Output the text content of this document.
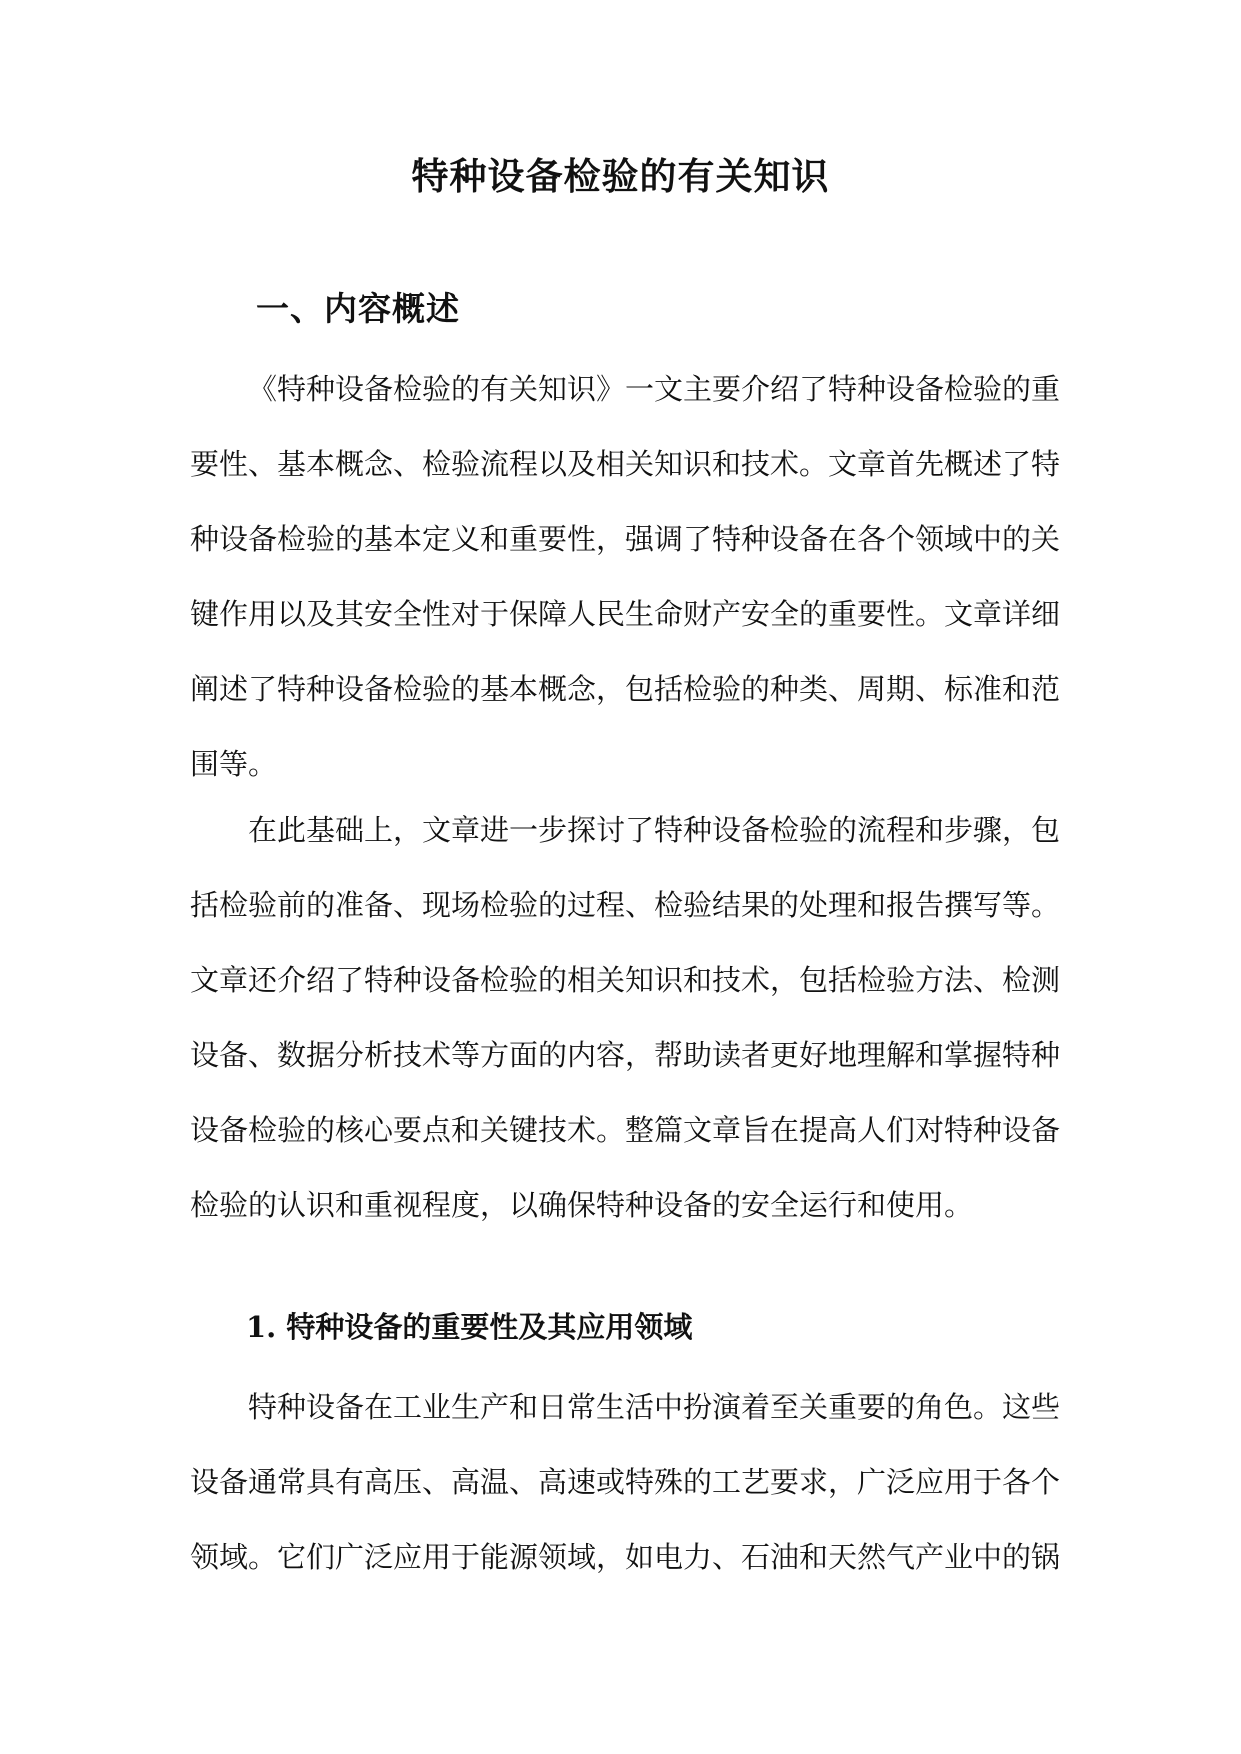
特种设备检验的有关知识
一、内容概述

《特种设备检验的有关知识》一文主要介绍了特种设备检验的重要性、基本概念、检验流程以及相关知识和技术。文章首先概述了特种设备检验的基本定义和重要性，强调了特种设备在各个领域中的关键作用以及其安全性对于保障人民生命财产安全的重要性。文章详细阐述了特种设备检验的基本概念，包括检验的种类、周期、标准和范围等。

在此基础上，文章进一步探讨了特种设备检验的流程和步骤，包括检验前的准备、现场检验的过程、检验结果的处理和报告撰写等。文章还介绍了特种设备检验的相关知识和技术，包括检验方法、检测设备、数据分析技术等方面的内容，帮助读者更好地理解和掌握特种设备检验的核心要点和关键技术。整篇文章旨在提高人们对特种设备检验的认识和重视程度，以确保特种设备的安全运行和使用。

1. 特种设备的重要性及其应用领域

特种设备在工业生产和日常生活中扮演着至关重要的角色。这些设备通常具有高压、高温、高速或特殊的工艺要求，广泛应用于各个领域。它们广泛应用于能源领域，如电力、石油和天然气产业中的锅
